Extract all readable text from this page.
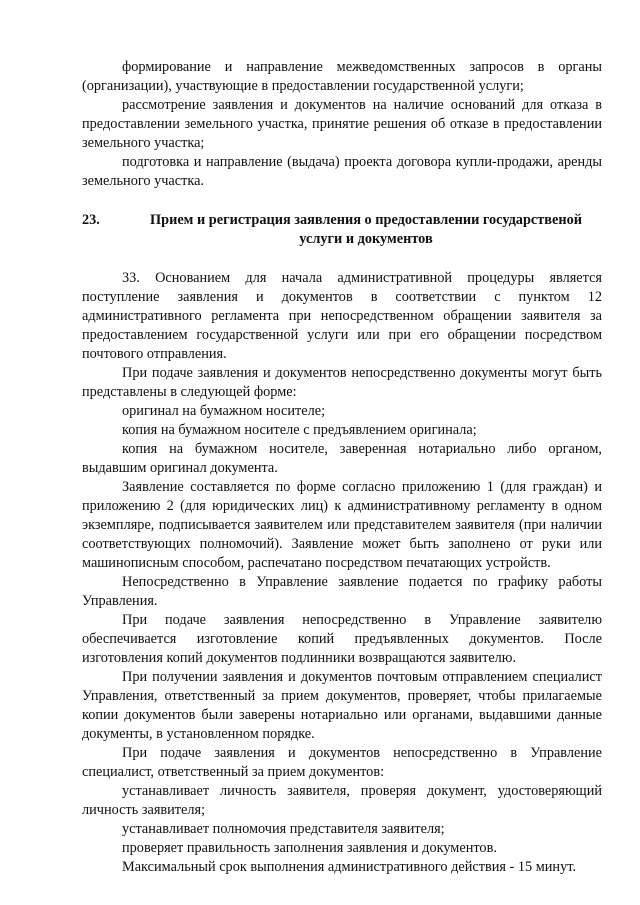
формирование и направление межведомственных запросов в органы (организации), участвующие в предоставлении государственной услуги;

рассмотрение заявления и документов на наличие оснований для отказа в предоставлении земельного участка, принятие решения об отказе в предоставлении земельного участка;

подготовка и направление (выдача) проекта договора купли-продажи, аренды земельного участка.

23.	Прием и регистрация заявления о предоставлении государственой услуги и документов

33. Основанием для начала административной процедуры является поступление заявления и документов в соответствии с пунктом 12 административного регламента при непосредственном обращении заявителя за предоставлением государственной услуги или при его обращении посредством почтового отправления.

При подаче заявления и документов непосредственно документы могут быть представлены в следующей форме:

оригинал на бумажном носителе;

копия на бумажном носителе с предъявлением оригинала;

копия на бумажном носителе, заверенная нотариально либо органом, выдавшим оригинал документа.

Заявление составляется по форме согласно приложению 1 (для граждан) и приложению 2 (для юридических лиц) к административному регламенту в одном экземпляре, подписывается заявителем или представителем заявителя (при наличии соответствующих полномочий). Заявление может быть заполнено от руки или машинописным способом, распечатано посредством печатающих устройств.

Непосредственно в Управление заявление подается по графику работы Управления.

При подаче заявления непосредственно в Управление заявителю обеспечивается изготовление копий предъявленных документов. После изготовления копий документов подлинники возвращаются заявителю.

При получении заявления и документов почтовым отправлением специалист Управления, ответственный за прием документов, проверяет, чтобы прилагаемые копии документов были заверены нотариально или органами, выдавшими данные документы, в установленном порядке.

При подаче заявления и документов непосредственно в Управление специалист, ответственный за прием документов:

устанавливает личность заявителя, проверяя документ, удостоверяющий личность заявителя;

устанавливает полномочия представителя заявителя;

проверяет правильность заполнения заявления и документов.

Максимальный срок выполнения административного действия - 15 минут.
